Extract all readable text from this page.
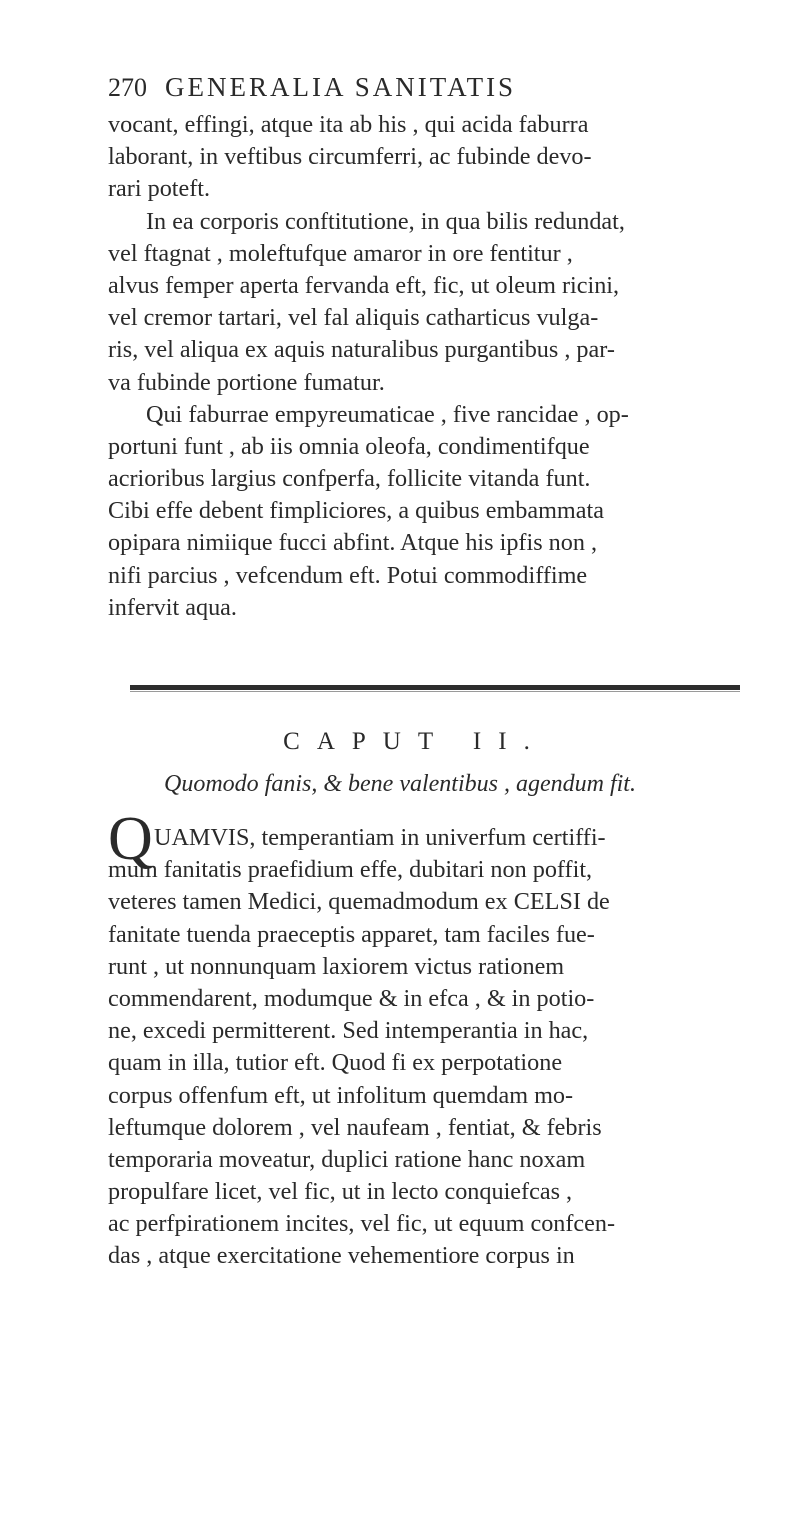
270 GENERALIA SANITATIS
vocant, effingi, atque ita ab his , qui acida faburra
laborant, in veftibus circumferri, ac fubinde devo-
rari poteft.
In ea corporis conftitutione, in qua bilis redundat,
vel ftagnat , moleftufque amaror in ore fentitur ,
alvus femper aperta fervanda eft, fic, ut oleum ricini,
vel cremor tartari, vel fal aliquis catharticus vulga-
ris, vel aliqua ex aquis naturalibus purgantibus , par-
va fubinde portione fumatur.
Qui faburrae empyreumaticae , five rancidae , op-
portuni funt , ab iis omnia oleofa, condimentifque
acrioribus largius confperfa, follicite vitanda funt.
Cibi effe debent fimpliciores, a quibus embammata
opipara nimiique fucci abfint. Atque his ipfis non ,
nifi parcius , vefcendum eft. Potui commodiffime
infervit aqua.
CAPUT II.
Quomodo fanis, & bene valentibus , agendum fit.
Q UAMVIS, temperantiam in univerfum certiffi-
mum fanitatis praefidium effe, dubitari non poffit,
veteres tamen Medici, quemadmodum ex CELSI de
fanitate tuenda praeceptis apparet, tam faciles fue-
runt , ut nonnunquam laxiorem victus rationem
commendarent, modumque & in efca , & in potio-
ne, excedi permitterent. Sed intemperantia in hac,
quam in illa, tutior eft. Quod fi ex perpotatione
corpus offenfum eft, ut infolitum quemdam mo-
leftumque dolorem , vel naufeam , fentiat, & febris
temporaria moveatur, duplici ratione hanc noxam
propulfare licet, vel fic, ut in lecto conquiefcas ,
ac perfpirationem incites, vel fic, ut equum confcen-
das , atque exercitatione vehementiore corpus in
